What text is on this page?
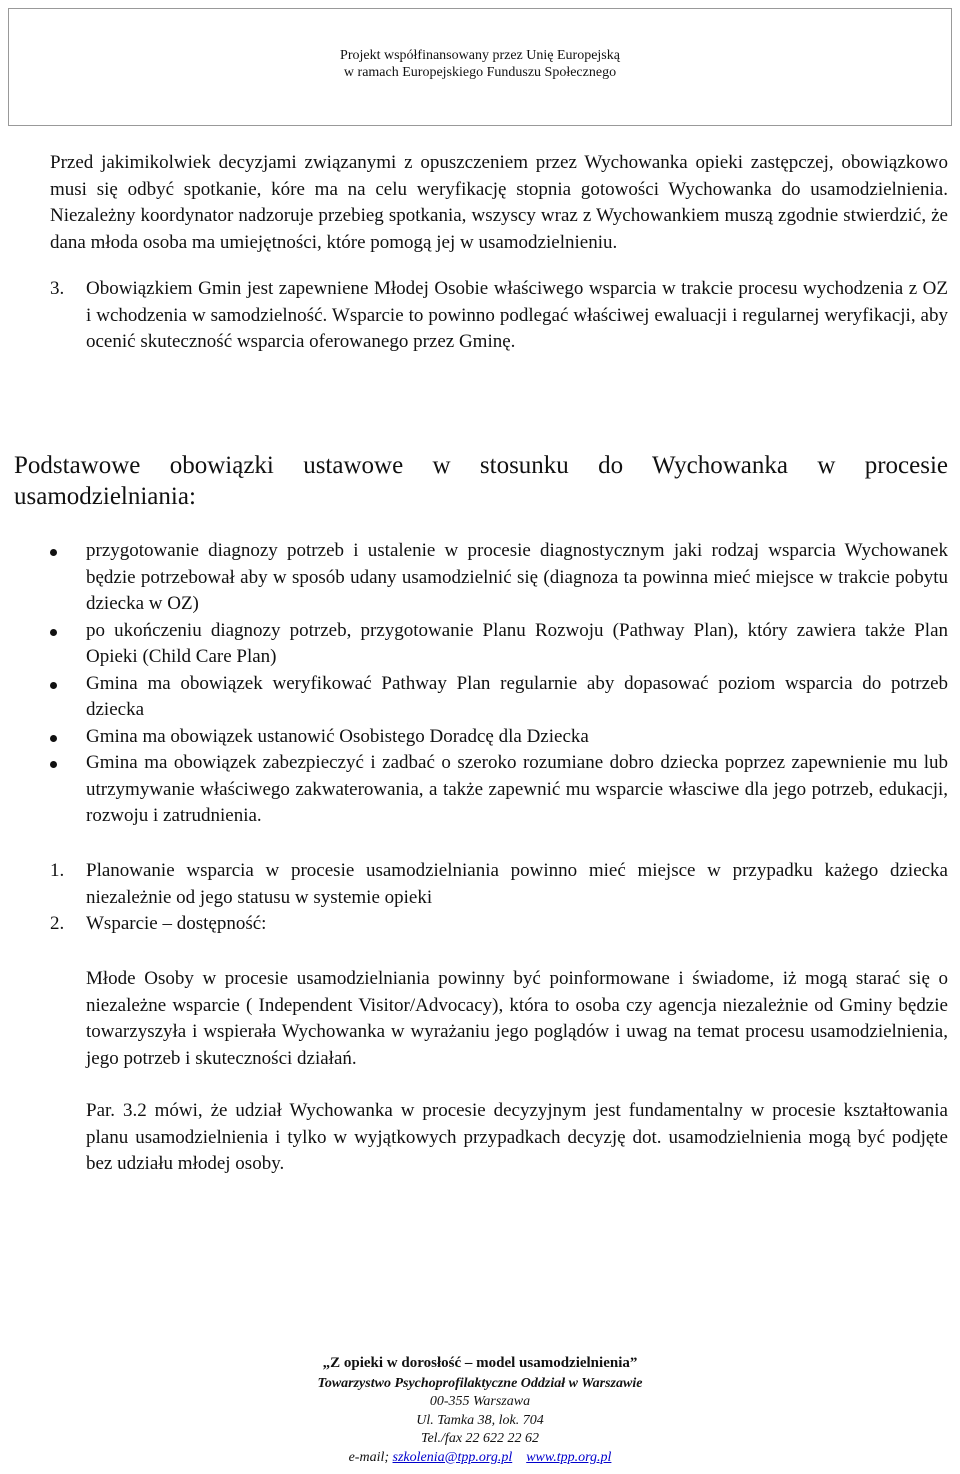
Projekt współfinansowany przez Unię Europejską
w ramach Europejskiego Funduszu Społecznego

Przed jakimikolwiek decyzjami związanymi z opuszczeniem przez Wychowanka opieki zastępczej, obowiązkowo musi się odbyć spotkanie, kóre ma na celu weryfikację stopnia gotowości Wychowanka do usamodzielnienia. Niezależny koordynator nadzoruje przebieg spotkania, wszyscy wraz z Wychowankiem muszą zgodnie stwierdzić, że dana młoda osoba ma umiejętności, które pomogą jej w usamodzielnieniu.

3. Obowiązkiem Gmin jest zapewniene Młodej Osobie właściwego wsparcia w trakcie procesu wychodzenia z OZ i wchodzenia w samodzielność. Wsparcie to powinno podlegać właściwej ewaluacji i regularnej weryfikacji, aby ocenić skuteczność wsparcia oferowanego przez Gminę.

Podstawowe obowiązki ustawowe w stosunku do Wychowanka w procesie usamodzielniania:
przygotowanie diagnozy potrzeb i ustalenie w procesie diagnostycznym jaki rodzaj wsparcia Wychowanek będzie potrzebował aby w sposób udany usamodzielnić się (diagnoza ta powinna mieć miejsce w trakcie pobytu dziecka w OZ)
po ukończeniu diagnozy potrzeb, przygotowanie Planu Rozwoju (Pathway Plan), który zawiera także Plan Opieki (Child Care Plan)
Gmina ma obowiązek weryfikować Pathway Plan regularnie aby dopasować poziom wsparcia do potrzeb dziecka
Gmina ma obowiązek ustanowić Osobistego Doradcę dla Dziecka
Gmina ma obowiązek zabezpieczyć i zadbać o szeroko rozumiane dobro dziecka poprzez zapewnienie mu lub utrzymywanie właściwego zakwaterowania, a także zapewnić mu wsparcie własciwe dla jego potrzeb, edukacji, rozwoju i zatrudnienia.
1. Planowanie wsparcia w procesie usamodzielniania powinno mieć miejsce w przypadku każego dziecka niezależnie od jego statusu w systemie opieki
2. Wsparcie – dostępność:

Młode Osoby w procesie usamodzielniania powinny być poinformowane i świadome, iż mogą starać się o niezależne wsparcie ( Independent Visitor/Advocacy), która to osoba czy agencja niezależnie od Gminy będzie towarzyszyła i wspierała Wychowanka w wyrażaniu jego poglądów i uwag na temat procesu usamodzielnienia, jego potrzeb i skuteczności działań.

Par. 3.2 mówi, że udział Wychowanka w procesie decyzyjnym jest fundamentalny w procesie kształtowania planu usamodzielnienia i tylko w wyjątkowych przypadkach decyzję dot. usamodzielnienia mogą być podjęte bez udziału młodej osoby.

„Z opieki w dorosłość – model usamodzielnienia”
Towarzystwo Psychoprofilaktyczne Oddział w Warszawie
00-355 Warszawa
Ul. Tamka 38, lok. 704
Tel./fax 22 622 22 62
e-mail; szkolenia@tpp.org.pl www.tpp.org.pl
